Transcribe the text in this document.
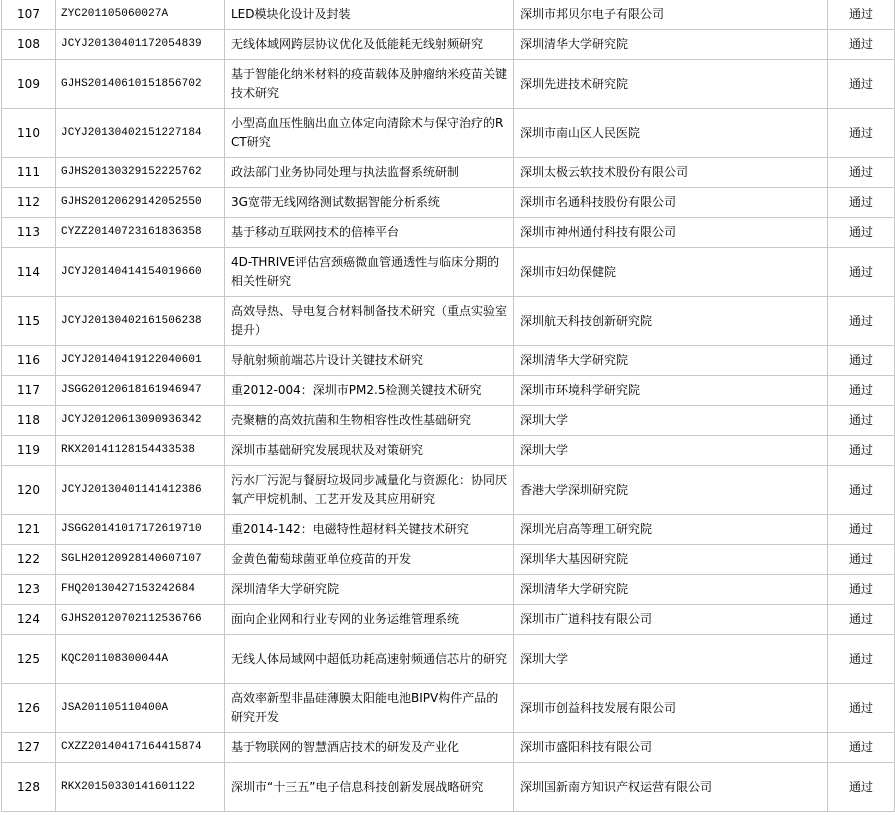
107	ZYC201105060027A	LED模块化设计及封装	深圳市邦贝尔电子有限公司	通过
108	JCYJ20130401172054839	无线体域网跨层协议优化及低能耗无线射频研究	深圳清华大学研究院	通过
109	GJHS20140610151856702	基于智能化纳米材料的疫苗载体及肿瘤纳米疫苗关键技术研究	深圳先进技术研究院	通过
110	JCYJ20130402151227184	小型高血压性脑出血立体定向清除术与保守治疗的RCT研究	深圳市南山区人民医院	通过
111	GJHS20130329152225762	政法部门业务协同处理与执法监督系统研制	深圳太极云软技术股份有限公司	通过
112	GJHS20120629142052550	3G宽带无线网络测试数据智能分析系统	深圳市名通科技股份有限公司	通过
113	CYZZ20140723161836358	基于移动互联网技术的倍棒平台	深圳市神州通付科技有限公司	通过
114	JCYJ20140414154019660	4D-THRIVE评估宫颈癌微血管通透性与临床分期的相关性研究	深圳市妇幼保健院	通过
115	JCYJ20130402161506238	高效导热、导电复合材料制备技术研究（重点实验室提升）	深圳航天科技创新研究院	通过
116	JCYJ20140419122040601	导航射频前端芯片设计关键技术研究	深圳清华大学研究院	通过
117	JSGG20120618161946947	重2012-004：深圳市PM2.5检测关键技术研究	深圳市环境科学研究院	通过
118	JCYJ20120613090936342	壳聚糖的高效抗菌和生物相容性改性基础研究	深圳大学	通过
119	RKX20141128154433538	深圳市基础研究发展现状及对策研究	深圳大学	通过
120	JCYJ20130401141412386	污水厂污泥与餐厨垃圾同步减量化与资源化：协同厌氧产甲烷机制、工艺开发及其应用研究	香港大学深圳研究院	通过
121	JSGG20141017172619710	重2014-142：电磁特性超材料关键技术研究	深圳光启高等理工研究院	通过
122	SGLH20120928140607107	金黄色葡萄球菌亚单位疫苗的开发	深圳华大基因研究院	通过
123	FHQ20130427153242684	深圳清华大学研究院	深圳清华大学研究院	通过
124	GJHS20120702112536766	面向企业网和行业专网的业务运维管理系统	深圳市广道科技有限公司	通过
125	KQC201108300044A	无线人体局域网中超低功耗高速射频通信芯片的研究	深圳大学	通过
126	JSA201105110400A	高效率新型非晶硅薄膜太阳能电池BIPV构件产品的研究开发	深圳市创益科技发展有限公司	通过
127	CXZZ20140417164415874	基于物联网的智慧酒店技术的研发及产业化	深圳市盛阳科技有限公司	通过
128	RKX20150330141601122	深圳市“十三五”电子信息科技创新发展战略研究	深圳国新南方知识产权运营有限公司	通过
